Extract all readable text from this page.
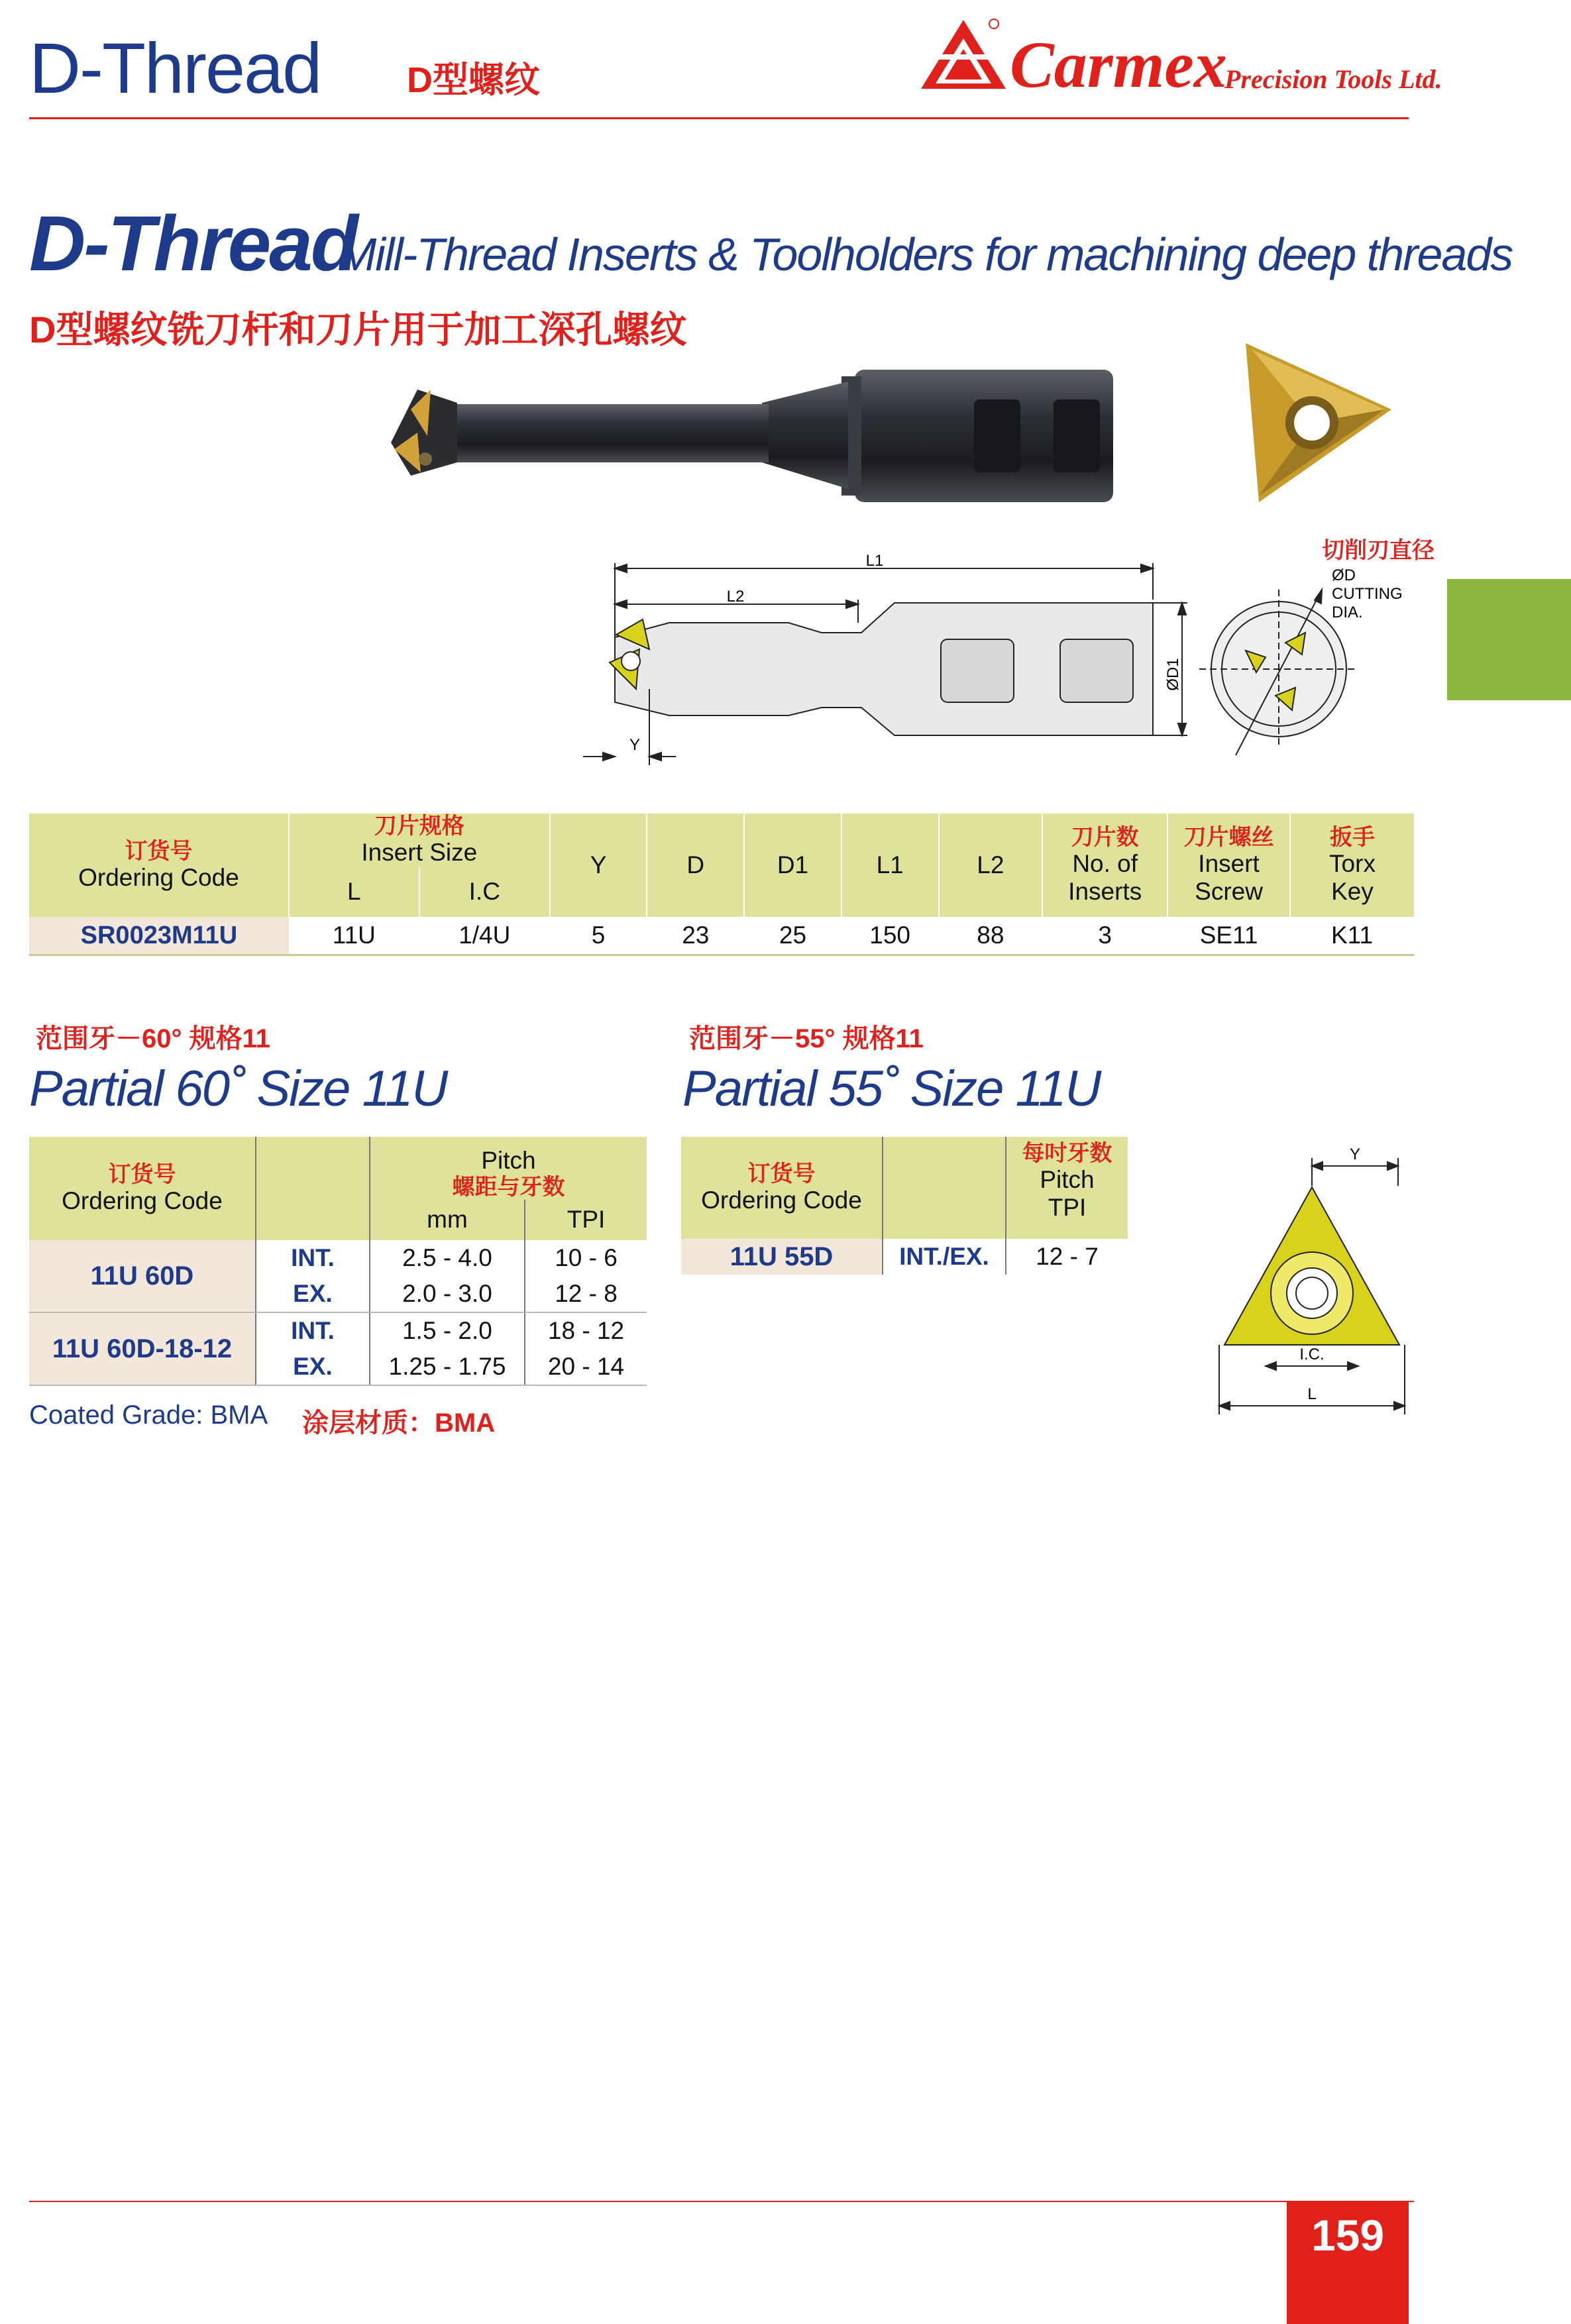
D-Thread D型螺纹	Carmex
Precision Tools Ltd.
D-Thread
Mill-Thread Inserts & Toolholders for machining deep threads
D型螺纹铣刀杆和刀片用于加工深孔螺纹
L1
L2
ØD1
Y
ØD
CUTTING
DIA.
切削刃直径
订货号
Ordering Code	刀片规格
Insert Size		Y	D	D1	L1	L2	刀片数
No. of
Inserts	刀片螺丝
Insert
Screw	扳手
Torx
Key

	L	I.C								
SR0023M11U	11U	1/4U	5	23	25	150	88	3	SE11	K11
范围牙－60° 规格11
Partial 60˚ Size 11U
订货号
Ordering Code		Pitch
螺距与牙数	

		mm	TPI
11U 60D	INT.	2.5 - 4.0	10 - 6
	EX.	2.0 - 3.0	12 - 8
11U 60D-18-12	INT.	1.5 - 2.0	18 - 12
	EX.	1.25 - 1.75	20 - 14
Coated Grade: BMA 涂层材质：BMA
范围牙－55° 规格11
Partial 55˚ Size 11U
订货号
Ordering Code		每吋牙数
Pitch
TPI

11U 55D	INT./EX.	12 - 7
Y
I.C.
L
159
